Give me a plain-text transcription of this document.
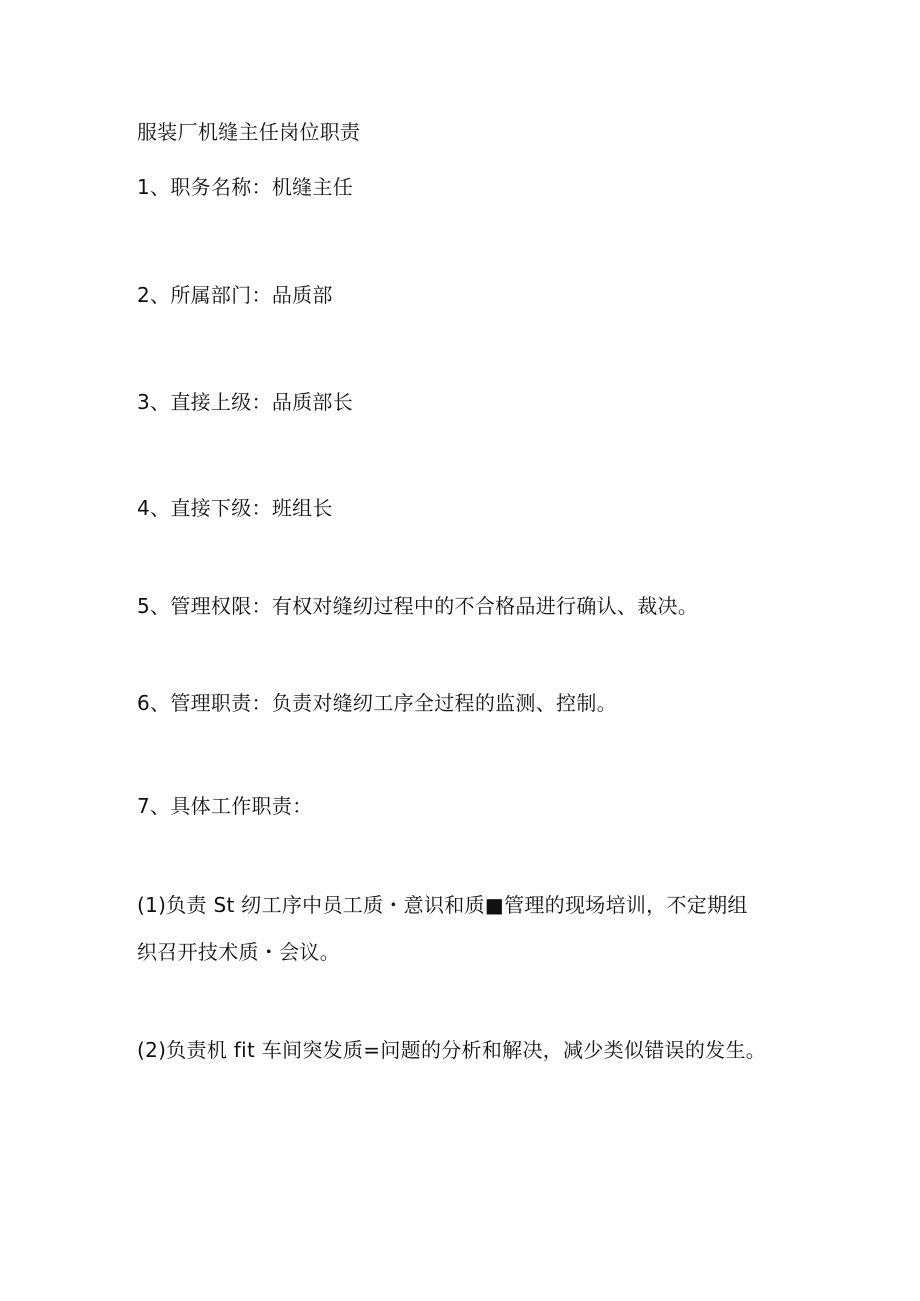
服装厂机缝主任岗位职责
1、职务名称：机缝主任
2、所属部门：品质部
3、直接上级：品质部长
4、直接下级：班组长
5、管理权限：有权对缝纫过程中的不合格品进行确认、裁决。
6、管理职责：负责对缝纫工序全过程的监测、控制。
7、具体工作职责：
(1)负责 St 纫工序中员工质・意识和质■管理的现场培训，不定期组
织召开技术质・会议。
(2)负责机 fit 车间突发质=问题的分析和解决，减少类似错误的发生。
